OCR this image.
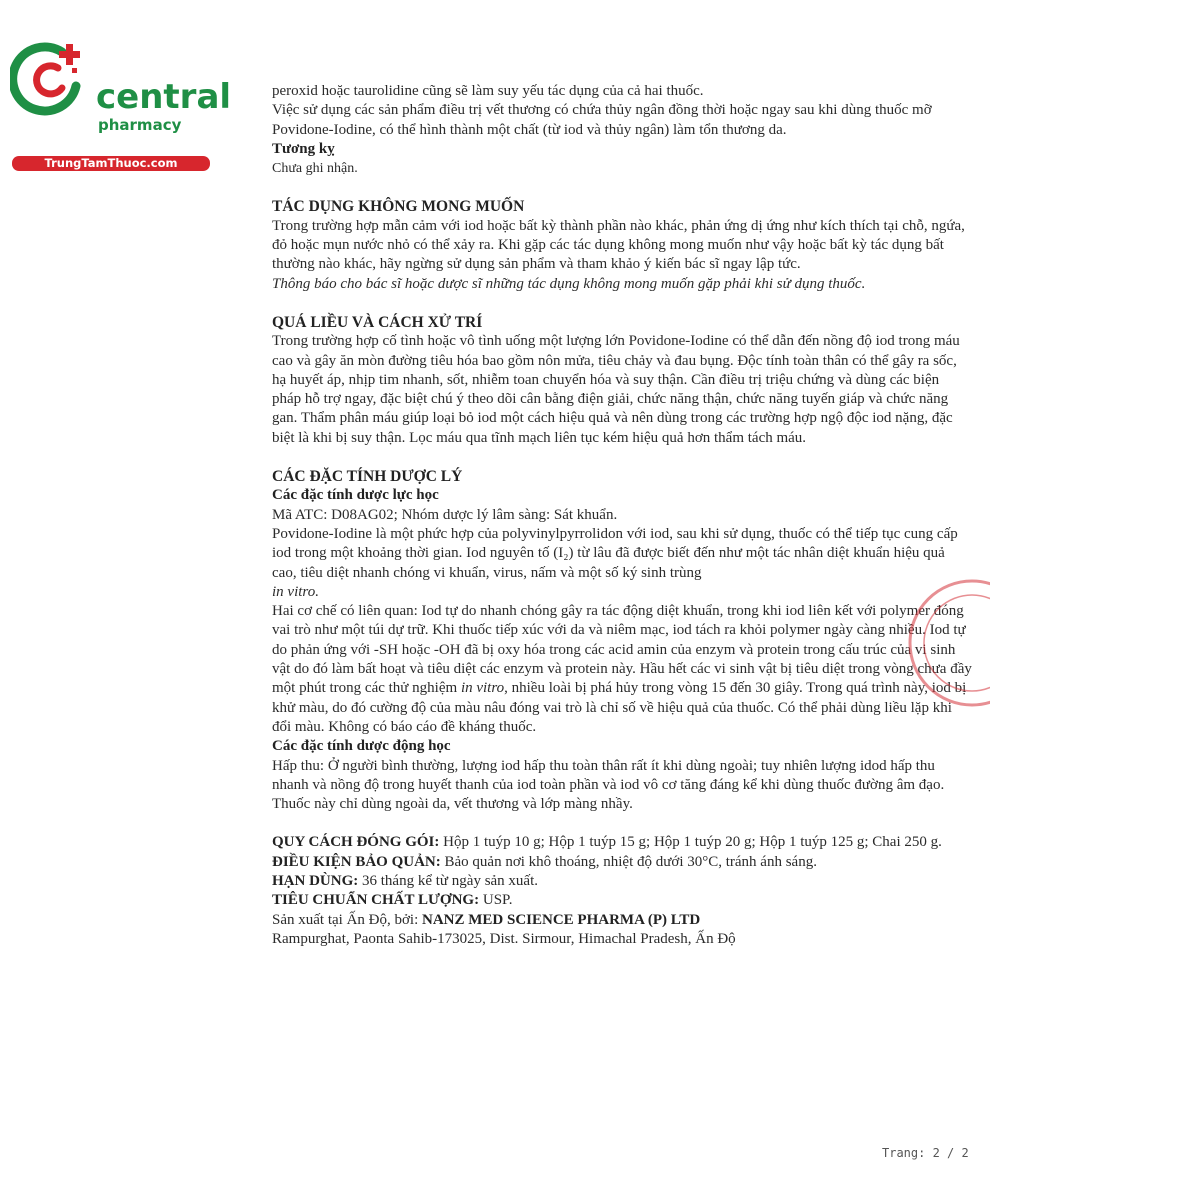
central
pharmacy
TrungTamThuoc.com

peroxid hoặc taurolidine cũng sẽ làm suy yếu tác dụng của cả hai thuốc.

Việc sử dụng các sản phẩm điều trị vết thương có chứa thủy ngân đồng thời hoặc ngay sau khi dùng thuốc mỡ Povidone-Iodine, có thể hình thành một chất (từ iod và thủy ngân) làm tổn thương da.

Tương kỵ

Chưa ghi nhận.

TÁC DỤNG KHÔNG MONG MUỐN

Trong trường hợp mẫn cảm với iod hoặc bất kỳ thành phần nào khác, phản ứng dị ứng như kích thích tại chỗ, ngứa, đỏ hoặc mụn nước nhỏ có thể xảy ra. Khi gặp các tác dụng không mong muốn như vậy hoặc bất kỳ tác dụng bất thường nào khác, hãy ngừng sử dụng sản phẩm và tham khảo ý kiến bác sĩ ngay lập tức.

Thông báo cho bác sĩ hoặc dược sĩ những tác dụng không mong muốn gặp phải khi sử dụng thuốc.

QUÁ LIỀU VÀ CÁCH XỬ TRÍ

Trong trường hợp cố tình hoặc vô tình uống một lượng lớn Povidone-Iodine có thể dẫn đến nồng độ iod trong máu cao và gây ăn mòn đường tiêu hóa bao gồm nôn mửa, tiêu chảy và đau bụng. Độc tính toàn thân có thể gây ra sốc, hạ huyết áp, nhịp tim nhanh, sốt, nhiễm toan chuyển hóa và suy thận. Cần điều trị triệu chứng và dùng các biện pháp hỗ trợ ngay, đặc biệt chú ý theo dõi cân bằng điện giải, chức năng thận, chức năng tuyến giáp và chức năng gan. Thẩm phân máu giúp loại bỏ iod một cách hiệu quả và nên dùng trong các trường hợp ngộ độc iod nặng, đặc biệt là khi bị suy thận. Lọc máu qua tĩnh mạch liên tục kém hiệu quả hơn thẩm tách máu.

CÁC ĐẶC TÍNH DƯỢC LÝ

Các đặc tính dược lực học

Mã ATC: D08AG02; Nhóm dược lý lâm sàng: Sát khuẩn.

Povidone-Iodine là một phức hợp của polyvinylpyrrolidon với iod, sau khi sử dụng, thuốc có thể tiếp tục cung cấp iod trong một khoảng thời gian. Iod nguyên tố (I₂) từ lâu đã được biết đến như một tác nhân diệt khuẩn hiệu quả cao, tiêu diệt nhanh chóng vi khuẩn, virus, nấm và một số ký sinh trùng
in vitro.

Hai cơ chế có liên quan: Iod tự do nhanh chóng gây ra tác động diệt khuẩn, trong khi iod liên kết với polymer đóng vai trò như một túi dự trữ. Khi thuốc tiếp xúc với da và niêm mạc, iod tách ra khỏi polymer ngày càng nhiều. Iod tự do phản ứng với -SH hoặc -OH đã bị oxy hóa trong các acid amin của enzym và protein trong cấu trúc của vi sinh vật do đó làm bất hoạt và tiêu diệt các enzym và protein này. Hầu hết các vi sinh vật bị tiêu diệt trong vòng chưa đầy một phút trong các thử nghiệm in vitro, nhiều loài bị phá hủy trong vòng 15 đến 30 giây. Trong quá trình này, iod bị khử màu, do đó cường độ của màu nâu đóng vai trò là chỉ số về hiệu quả của thuốc. Có thể phải dùng liều lặp khi đổi màu. Không có báo cáo đề kháng thuốc.

Các đặc tính dược động học

Hấp thu: Ở người bình thường, lượng iod hấp thu toàn thân rất ít khi dùng ngoài; tuy nhiên lượng idod hấp thu nhanh và nồng độ trong huyết thanh của iod toàn phần và iod vô cơ tăng đáng kể khi dùng thuốc đường âm đạo. Thuốc này chỉ dùng ngoài da, vết thương và lớp màng nhầy.

QUY CÁCH ĐÓNG GÓI: Hộp 1 tuýp 10 g; Hộp 1 tuýp 15 g; Hộp 1 tuýp 20 g; Hộp 1 tuýp 125 g; Chai 250 g.

ĐIỀU KIỆN BẢO QUẢN: Bảo quản nơi khô thoáng, nhiệt độ dưới 30°C, tránh ánh sáng.

HẠN DÙNG: 36 tháng kể từ ngày sản xuất.

TIÊU CHUẨN CHẤT LƯỢNG: USP.

Sản xuất tại Ấn Độ, bởi: NANZ MED SCIENCE PHARMA (P) LTD

Rampurghat, Paonta Sahib-173025, Dist. Sirmour, Himachal Pradesh, Ấn Độ

Trang: 2 / 2
